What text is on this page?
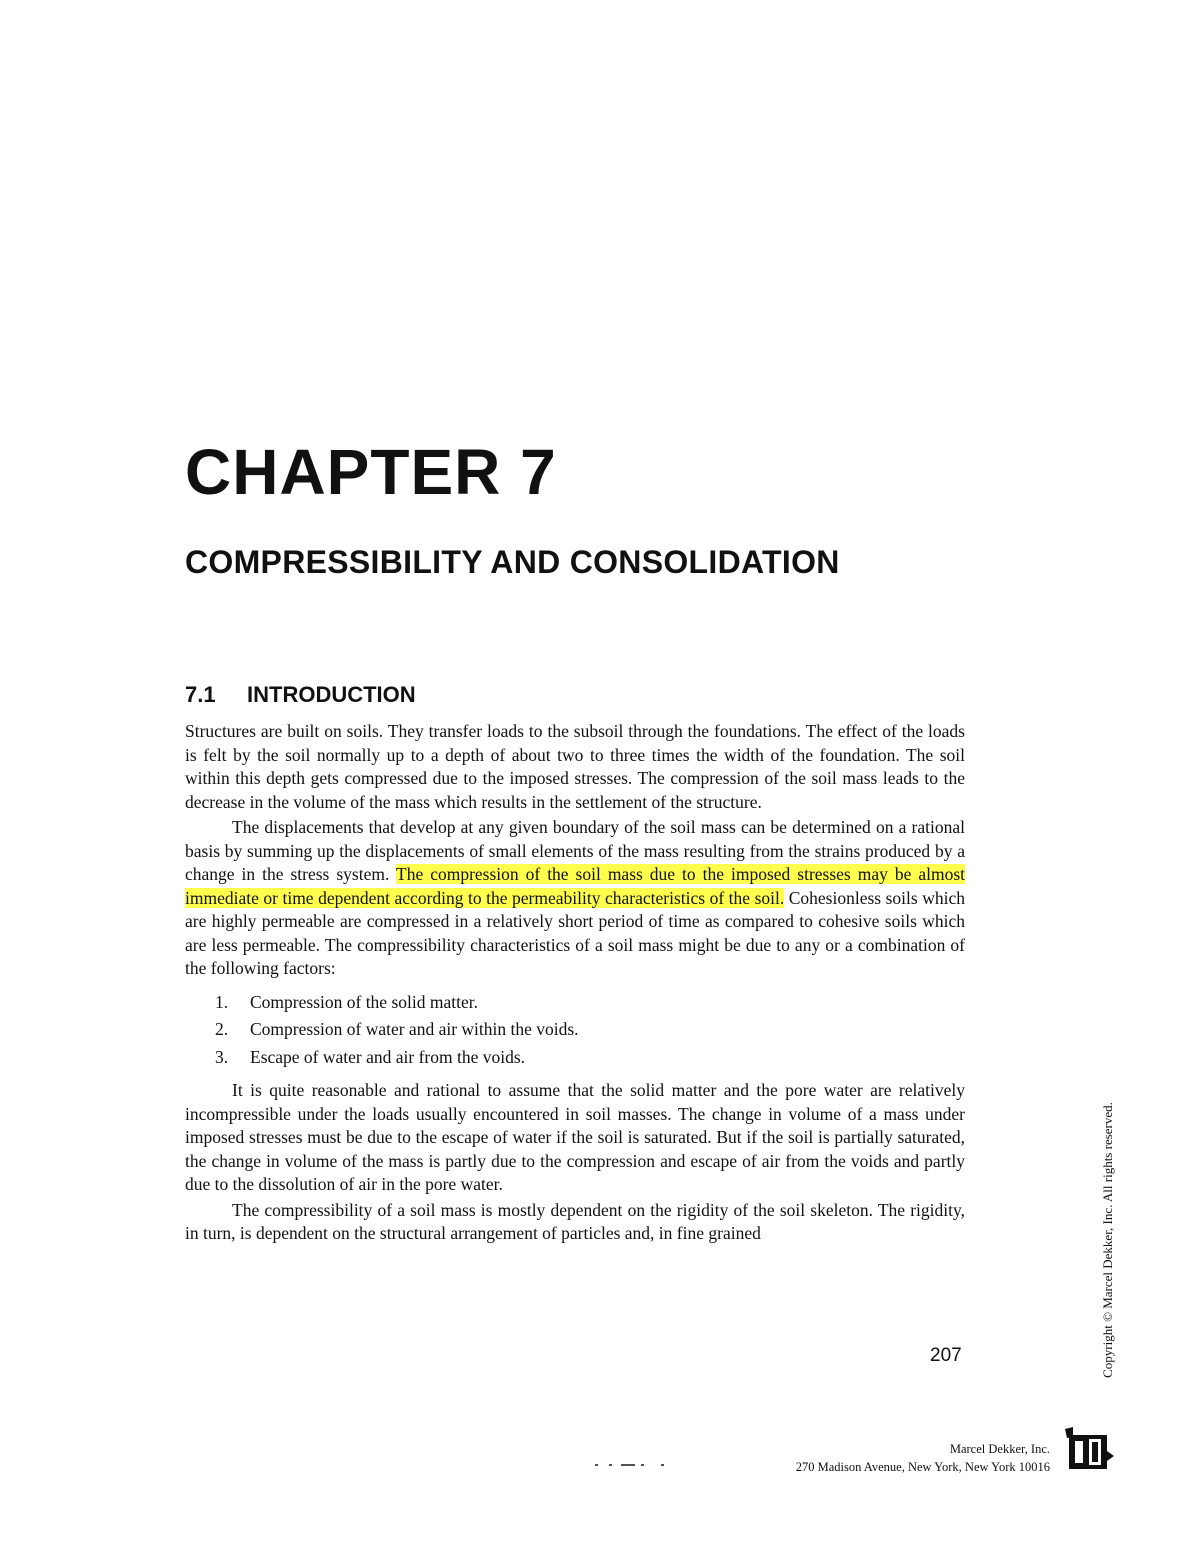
CHAPTER 7
COMPRESSIBILITY AND CONSOLIDATION
7.1 INTRODUCTION

Structures are built on soils. They transfer loads to the subsoil through the foundations. The effect of the loads is felt by the soil normally up to a depth of about two to three times the width of the foundation. The soil within this depth gets compressed due to the imposed stresses. The compression of the soil mass leads to the decrease in the volume of the mass which results in the settlement of the structure.

The displacements that develop at any given boundary of the soil mass can be determined on a rational basis by summing up the displacements of small elements of the mass resulting from the strains produced by a change in the stress system. The compression of the soil mass due to the imposed stresses may be almost immediate or time dependent according to the permeability characteristics of the soil. Cohesionless soils which are highly permeable are compressed in a relatively short period of time as compared to cohesive soils which are less permeable. The compressibility characteristics of a soil mass might be due to any or a combination of the following factors:

1. Compression of the solid matter.
2. Compression of water and air within the voids.
3. Escape of water and air from the voids.

It is quite reasonable and rational to assume that the solid matter and the pore water are relatively incompressible under the loads usually encountered in soil masses. The change in volume of a mass under imposed stresses must be due to the escape of water if the soil is saturated. But if the soil is partially saturated, the change in volume of the mass is partly due to the compression and escape of air from the voids and partly due to the dissolution of air in the pore water.

The compressibility of a soil mass is mostly dependent on the rigidity of the soil skeleton. The rigidity, in turn, is dependent on the structural arrangement of particles and, in fine grained

207	Copyright © Marcel Dekker, Inc. All rights reserved.
Marcel Dekker, Inc.
270 Madison Avenue, New York, New York 10016
